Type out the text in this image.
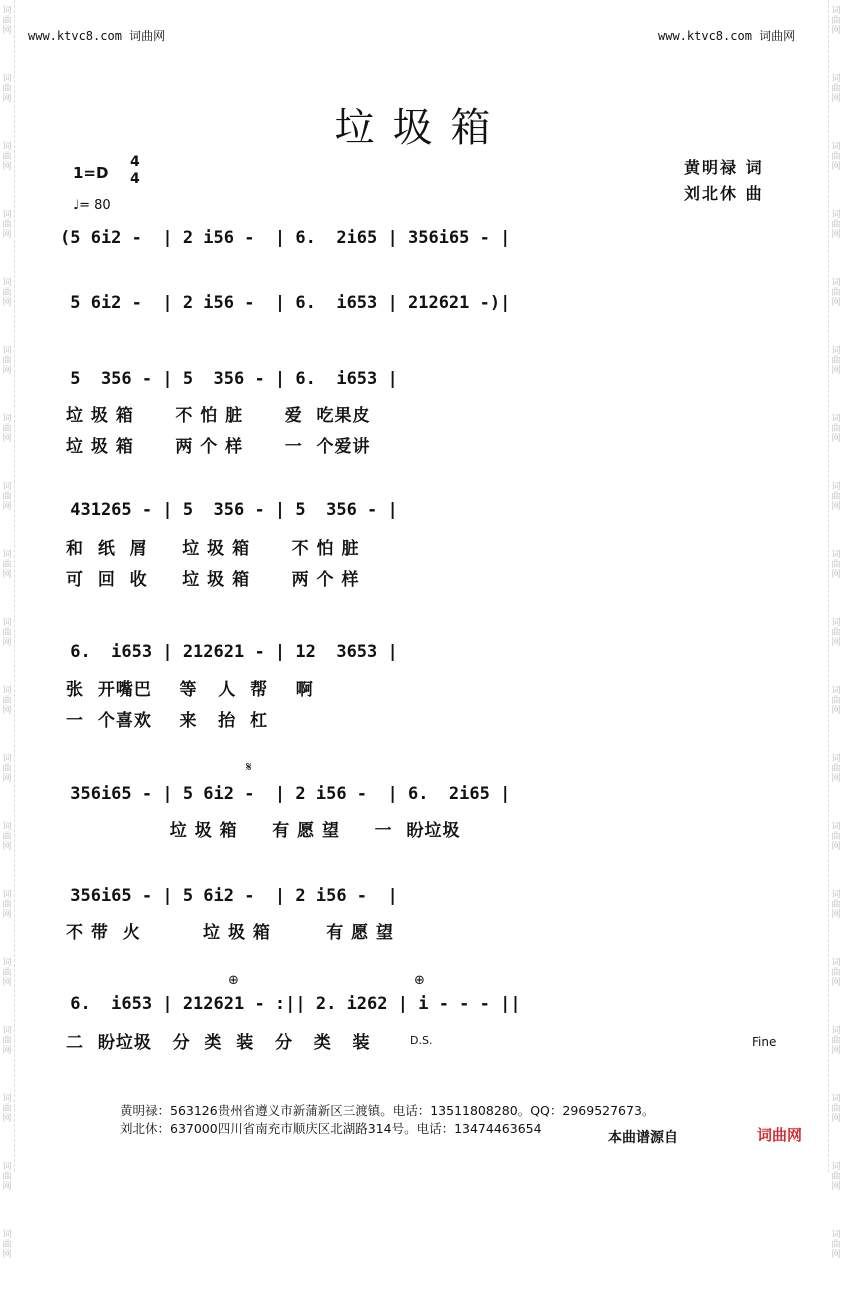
词
曲
网
词
曲
网
词
曲
网
词
曲
网
词
曲
网
词
曲
网
词
曲
网
词
曲
网
词
曲
网
词
曲
网
词
曲
网
词
曲
网
词
曲
网
词
曲
网
词
曲
网
词
曲
网
词
曲
网
词
曲
网
词
曲
网
词
曲
网
词
曲
网
词
曲
网
词
曲
网
词
曲
网
词
曲
网
词
曲
网
词
曲
网
词
曲
网
词
曲
网
词
曲
网
词
曲
网
词
曲
网
词
曲
网
词
曲
网
词
曲
网
词
曲
网
词
曲
网
词
曲
网
www.ktvc8.com 词曲网	www.ktvc8.com 词曲网
垃圾箱
1=D
4
4
♩= 80
黄明禄 词
刘北休 曲
(5 6i2 -  | 2 i56 -  | 6.  2i65 | 356i65 - |
5 6i2 -  | 2 i56 -  | 6.  i653 | 212621 -)|
5  356 - | 5  356 - | 6.  i653 |
垃 圾 箱      不 怕 脏      爱  吃果皮
垃 圾 箱      两 个 样      一  个爱讲
431265 - | 5  356 - | 5  356 - |
和  纸  屑     垃 圾 箱      不 怕 脏
可  回  收     垃 圾 箱      两 个 样
6.  i653 | 212621 - | 12  3653 |
张  开嘴巴    等   人  帮    啊
一  个喜欢    来   抬  杠
𝄋
356i65 - | 5 6i2 -  | 2 i56 -  | 6.  2i65 |
垃 圾 箱     有 愿 望     一  盼垃圾
356i65 - | 5 6i2 -  | 2 i56 -  |
不 带  火         垃 圾 箱        有 愿 望
⊕	⊕
6.  i653 | 212621 - :|| 2. i262 | i - - - ||
二  盼垃圾   分  类  装   分   类   装	D.S.	Fine
黄明禄：563126贵州省遵义市新蒲新区三渡镇。电话：13511808280。QQ：2969527673。
刘北休：637000四川省南充市顺庆区北湖路314号。电话：13474463654
本曲谱源自	词曲网
